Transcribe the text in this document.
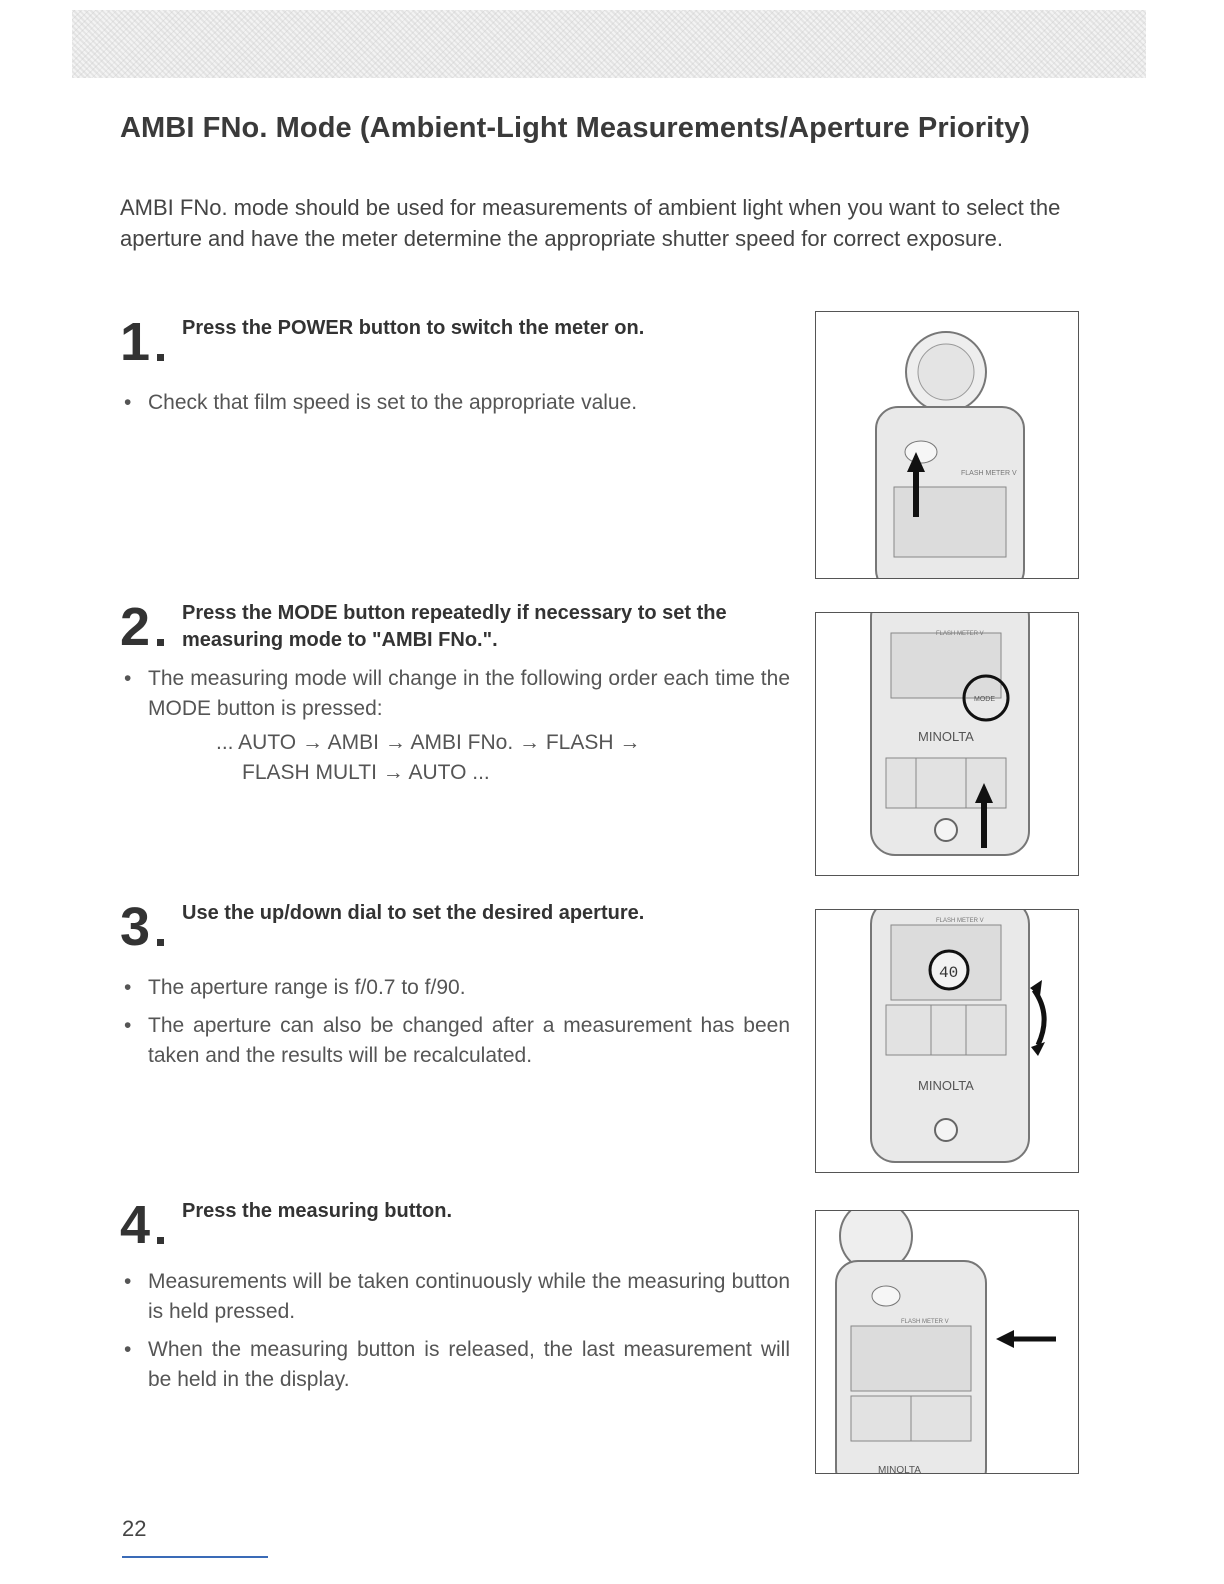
AMBI FNo. Mode (Ambient-Light Measurements/Aperture Priority)

AMBI FNo. mode should be used for measurements of ambient light when you want to select the aperture and have the meter determine the appropriate shutter speed for correct exposure.

1 Press the POWER button to switch the meter on.

• Check that film speed is set to the appropriate value.
2 Press the MODE button repeatedly if necessary to set the measuring mode to "AMBI FNo.".

• The measuring mode will change in the following order each time the MODE button is pressed:
... AUTO → AMBI → AMBI FNo. → FLASH →
FLASH MULTI → AUTO ...
3 Use the up/down dial to set the desired aperture.

• The aperture range is f/0.7 to f/90.
• The aperture can also be changed after a measurement has been taken and the results will be recalculated.
4 Press the measuring button.

• Measurements will be taken continuously while the measuring button is held pressed.
• When the measuring button is released, the last measurement will be held in the display.
FLASH METER V
FLASH METER V
MODE
MINOLTA
FLASH METER V
40
MINOLTA
FLASH METER V
MINOLTA
22
